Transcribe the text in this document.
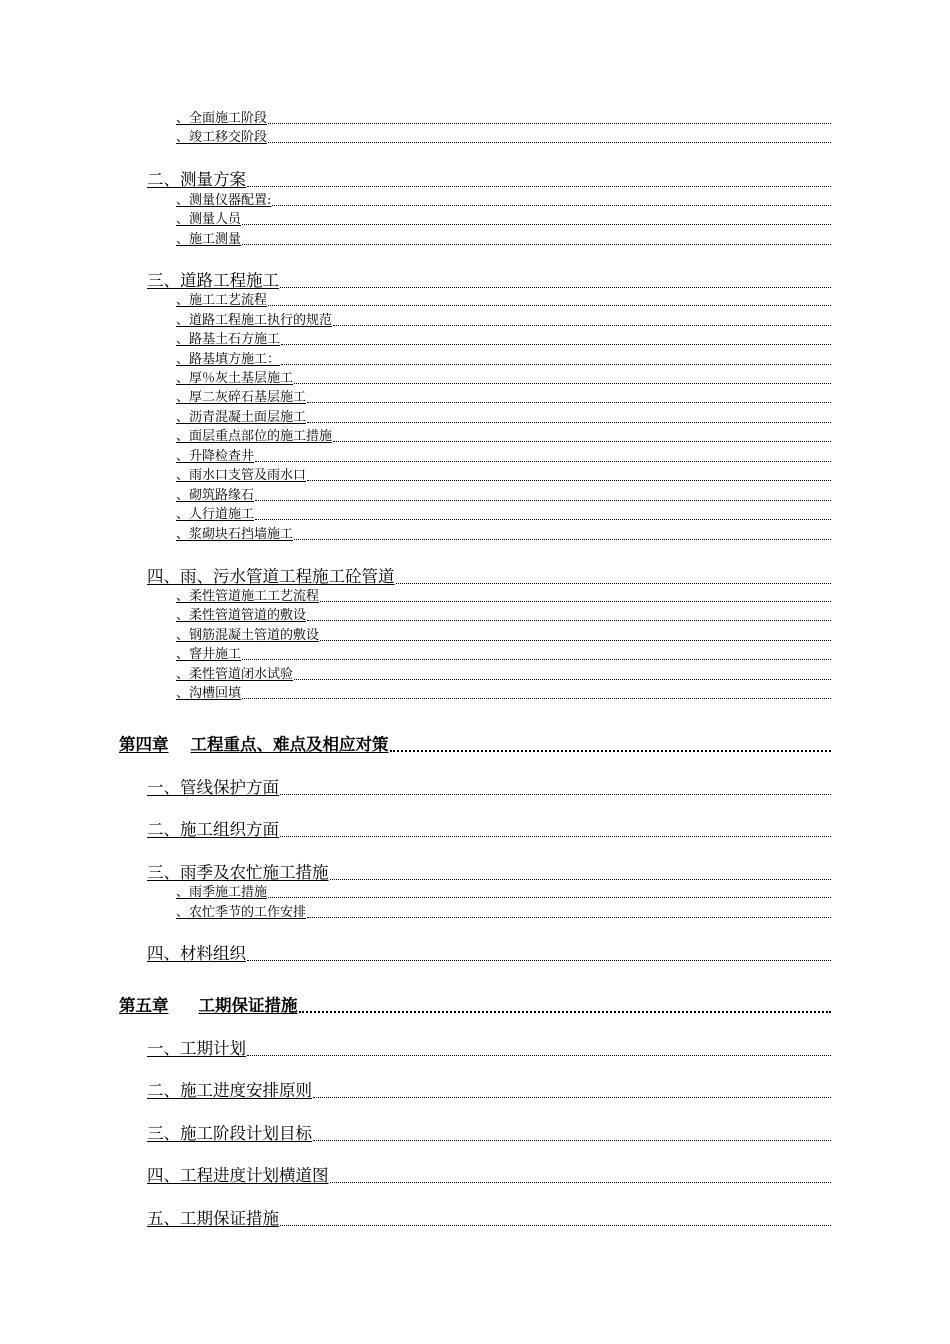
、全面施工阶段
、竣工移交阶段
二、测量方案
、测量仪器配置:
、测量人员
、施工测量
三、道路工程施工
、施工工艺流程
、道路工程施工执行的规范
、路基土石方施工
、路基填方施工：
、厚％灰土基层施工
、厚二灰碎石基层施工
、沥青混凝土面层施工
、面层重点部位的施工措施
、升降检查井
、雨水口支管及雨水口
、砌筑路缘石
、人行道施工
、浆砌块石挡墙施工
四、雨、污水管道工程施工砼管道
、柔性管道施工工艺流程
、柔性管道管道的敷设
、钢筋混凝土管道的敷设
、窨井施工
、柔性管道闭水试验
、沟槽回填
第四章 工程重点、难点及相应对策
一、管线保护方面
二、施工组织方面
三、雨季及农忙施工措施
、雨季施工措施
、农忙季节的工作安排
四、材料组织
第五章 工期保证措施
一、工期计划
二、施工进度安排原则
三、施工阶段计划目标
四、工程进度计划横道图
五、工期保证措施
